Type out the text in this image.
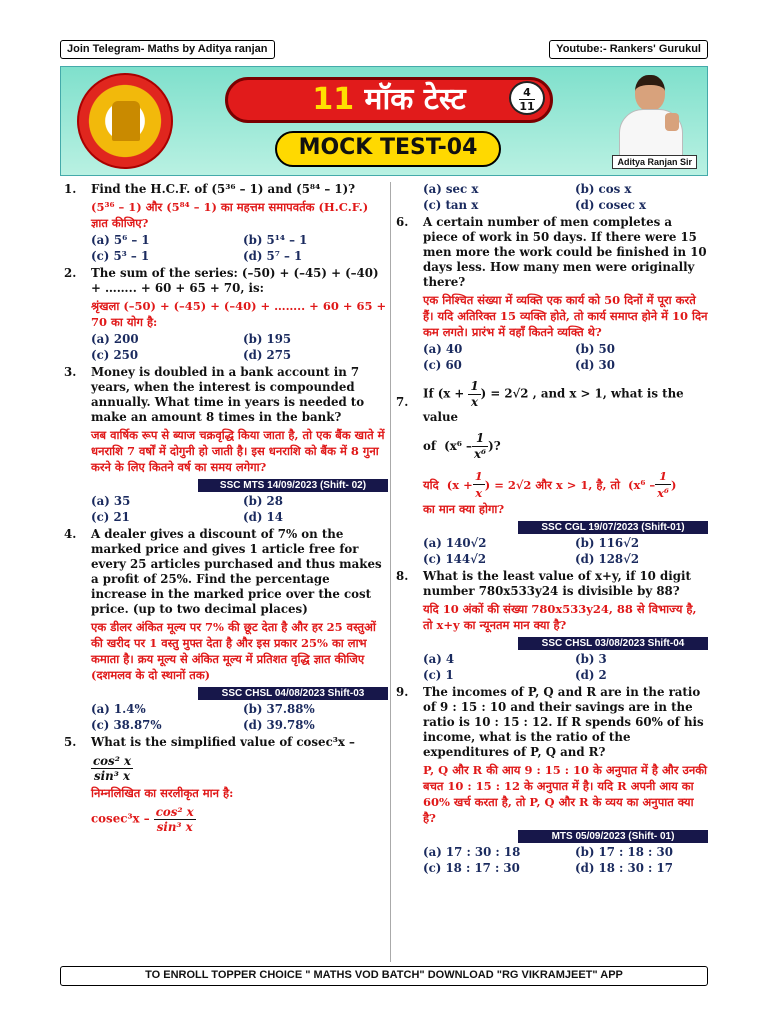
Join Telegram- Maths by Aditya ranjan	Youtube:- Rankers' Gurukul
11 मॉक टेस्ट	4
11
MOCK TEST-04
Aditya Ranjan Sir
1.	Find the H.C.F. of (5³⁶ – 1) and (5⁸⁴ – 1)?
(5³⁶ – 1) और (5⁸⁴ – 1) का महत्तम समापवर्तक (H.C.F.) ज्ञात कीजिए?
(a) 5⁶ – 1	(b) 5¹⁴ – 1
(c) 5³ – 1	(d) 5⁷ – 1
2.	The sum of the series: (–50) + (–45) + (–40) + …….. + 60 + 65 + 70, is:
श्रृंखला (–50) + (–45) + (–40) + …….. + 60 + 65 + 70 का योग है:
(a) 200	(b) 195
(c) 250	(d) 275
3.	Money is doubled in a bank account in 7 years, when the interest is compounded annually. What time in years is needed to make an amount 8 times in the bank?
जब वार्षिक रूप से ब्याज चक्रवृद्धि किया जाता है, तो एक बैंक खाते में धनराशि 7 वर्षों में दोगुनी हो जाती है। इस धनराशि को बैंक में 8 गुना करने के लिए कितने वर्ष का समय लगेगा?
SSC MTS 14/09/2023 (Shift- 02)
(a) 35	(b) 28
(c) 21	(d) 14
4.	A dealer gives a discount of 7% on the marked price and gives 1 article free for every 25 articles purchased and thus makes a profit of 25%. Find the percentage increase in the marked price over the cost price. (up to two decimal places)
एक डीलर अंकित मूल्य पर 7% की छूट देता है और हर 25 वस्तुओं की खरीद पर 1 वस्तु मुफ्त देता है और इस प्रकार 25% का लाभ कमाता है। क्रय मूल्य से अंकित मूल्य में प्रतिशत वृद्धि ज्ञात कीजिए (दशमलव के दो स्थानों तक)
SSC CHSL 04/08/2023 Shift-03
(a) 1.4%	(b) 37.88%
(c) 38.87%	(d) 39.78%
5.	What is the simplified value of cosec³x –
$\frac{\text{cos² x}}{\text{sin³ x}}$
निम्नलिखित का सरलीकृत मान है:
$cosec^3x - \frac{\text{cos² x}}{\text{sin³ x}}$
(a) sec x	(b) cos x
(c) tan x	(d) cosec x
6.	A certain number of men completes a piece of work in 50 days. If there were 15 men more the work could be finished in 10 days less. How many men were originally there?
एक निश्चित संख्या में व्यक्ति एक कार्य को 50 दिनों में पूरा करते हैं। यदि अतिरिक्त 15 व्यक्ति होते, तो कार्य समाप्त होने में 10 दिन कम लगते। प्रारंभ में वहाँ कितने व्यक्ति थे?
(a) 40	(b) 50
(c) 60	(d) 30
7.
If ($x + \frac{1}{x}$ ) = 2√2 , and x > 1, what is the value
of ( $x^6 - \frac{1}{\text{x⁶}}$ ) ?
यदि ( $x + \frac{1}{x}$ ) = 2√2 और x > 1, है, तो ( $x^6 - \frac{1}{\text{x⁶}}$ )
का मान क्या होगा?
SSC CGL 19/07/2023 (Shift-01)
(a) 140√2	(b) 116√2
(c) 144√2	(d) 128√2
8.	What is the least value of x+y, if 10 digit number 780x533y24 is divisible by 88?
यदि 10 अंकों की संख्या 780x533y24, 88 से विभाज्य है, तो x+y का न्यूनतम मान क्या है?
SSC CHSL 03/08/2023 Shift-04
(a) 4	(b) 3
(c) 1	(d) 2
9.	The incomes of P, Q and R are in the ratio of 9 : 15 : 10 and their savings are in the ratio is 10 : 15 : 12. If R spends 60% of his income, what is the ratio of the expenditures of P, Q and R?
P, Q और R की आय 9 : 15 : 10 के अनुपात में है और उनकी बचत 10 : 15 : 12 के अनुपात में है। यदि R अपनी आय का 60% खर्च करता है, तो P, Q और R के व्यय का अनुपात क्या है?
MTS 05/09/2023 (Shift- 01)
(a) 17 : 30 : 18	(b) 17 : 18 : 30
(c) 18 : 17 : 30	(d) 18 : 30 : 17
TO ENROLL TOPPER CHOICE " MATHS VOD BATCH" DOWNLOAD "RG VIKRAMJEET" APP
